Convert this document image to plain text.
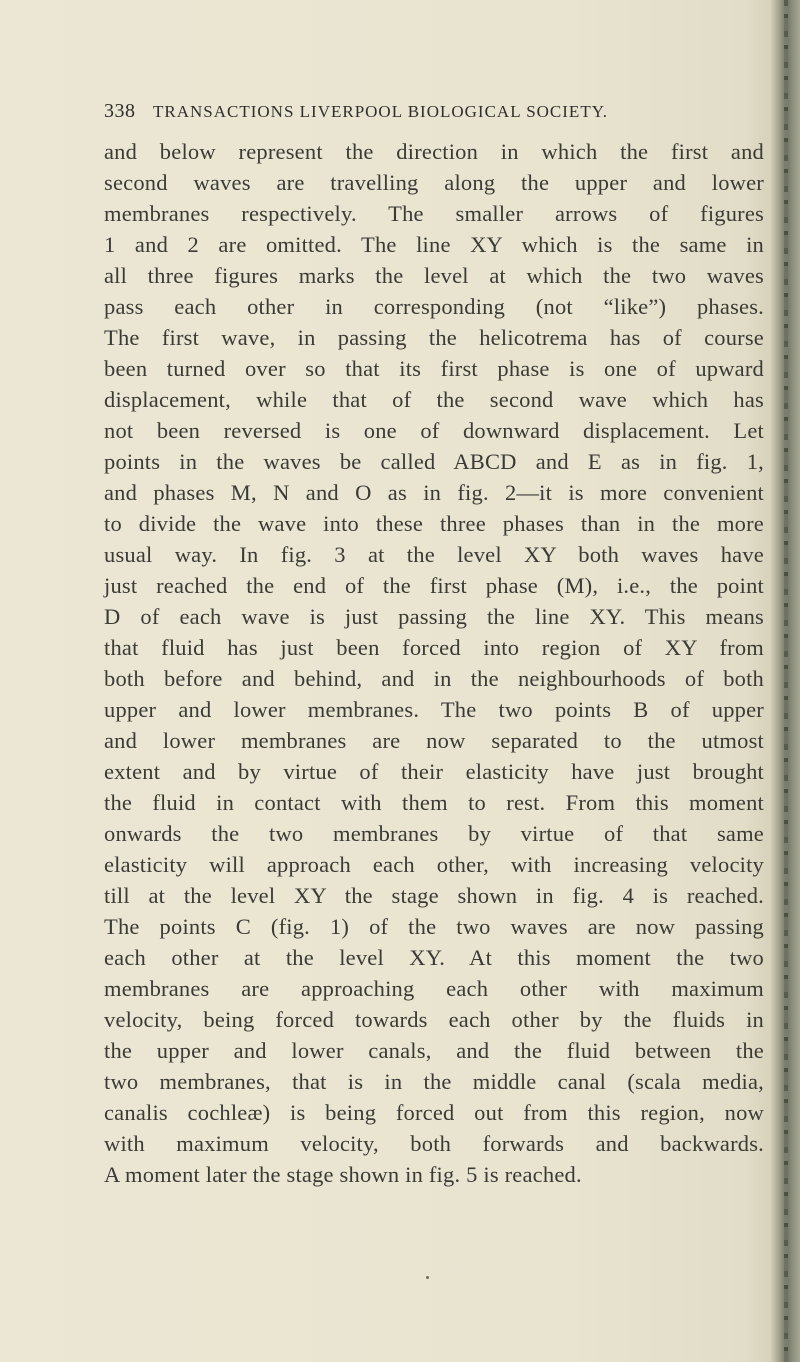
338 TRANSACTIONS LIVERPOOL BIOLOGICAL SOCIETY.
and below represent the direction in which the first and
second waves are travelling along the upper and lower
membranes respectively. The smaller arrows of figures
1 and 2 are omitted. The line XY which is the same in
all three figures marks the level at which the two waves
pass each other in corresponding (not “like”) phases.
The first wave, in passing the helicotrema has of course
been turned over so that its first phase is one of upward
displacement, while that of the second wave which has
not been reversed is one of downward displacement. Let
points in the waves be called ABCD and E as in fig. 1,
and phases M, N and O as in fig. 2—it is more convenient
to divide the wave into these three phases than in the more
usual way. In fig. 3 at the level XY both waves have
just reached the end of the first phase (M), i.e., the point
D of each wave is just passing the line XY. This means
that fluid has just been forced into region of XY from
both before and behind, and in the neighbourhoods of both
upper and lower membranes. The two points B of upper
and lower membranes are now separated to the utmost
extent and by virtue of their elasticity have just brought
the fluid in contact with them to rest. From this moment
onwards the two membranes by virtue of that same
elasticity will approach each other, with increasing velocity
till at the level XY the stage shown in fig. 4 is reached.
The points C (fig. 1) of the two waves are now passing
each other at the level XY. At this moment the two
membranes are approaching each other with maximum
velocity, being forced towards each other by the fluids in
the upper and lower canals, and the fluid between the
two membranes, that is in the middle canal (scala media,
canalis cochleæ) is being forced out from this region, now
with maximum velocity, both forwards and backwards.
A moment later the stage shown in fig. 5 is reached.
